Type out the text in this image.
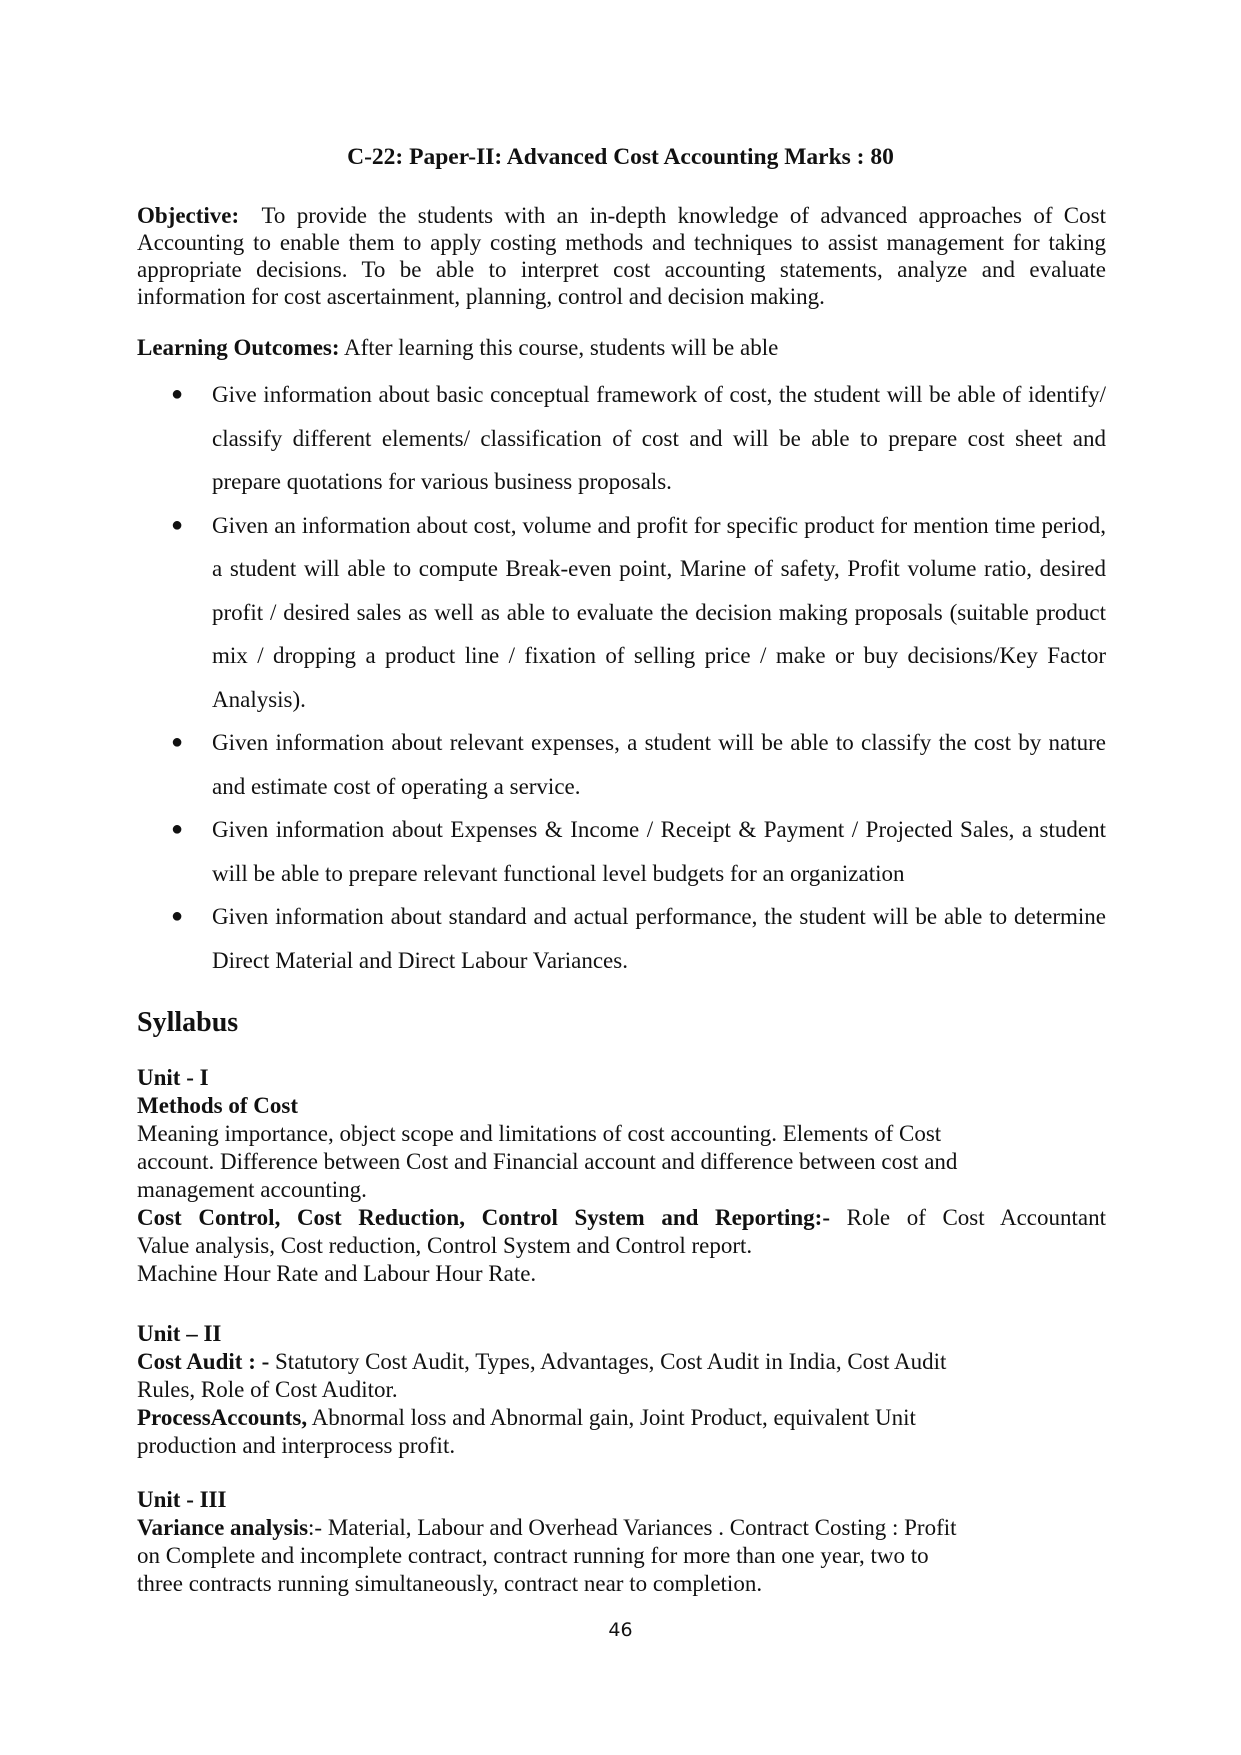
C-22: Paper-II: Advanced Cost Accounting Marks : 80
Objective: To provide the students with an in-depth knowledge of advanced approaches of Cost Accounting to enable them to apply costing methods and techniques to assist management for taking appropriate decisions. To be able to interpret cost accounting statements, analyze and evaluate information for cost ascertainment, planning, control and decision making.
Learning Outcomes: After learning this course, students will be able
● Give information about basic conceptual framework of cost, the student will be able of identify/ classify different elements/ classification of cost and will be able to prepare cost sheet and prepare quotations for various business proposals.
● Given an information about cost, volume and profit for specific product for mention time period, a student will able to compute Break-even point, Marine of safety, Profit volume ratio, desired profit / desired sales as well as able to evaluate the decision making proposals (suitable product mix / dropping a product line / fixation of selling price / make or buy decisions/Key Factor Analysis).
● Given information about relevant expenses, a student will be able to classify the cost by nature and estimate cost of operating a service.
● Given information about Expenses & Income / Receipt & Payment / Projected Sales, a student will be able to prepare relevant functional level budgets for an organization
● Given information about standard and actual performance, the student will be able to determine Direct Material and Direct Labour Variances.
Syllabus
Unit - I
Methods of Cost
Meaning importance, object scope and limitations of cost accounting. Elements of Cost
account. Difference between Cost and Financial account and difference between cost and
management accounting.
Cost Control, Cost Reduction, Control System and Reporting:- Role of Cost Accountant
Value analysis, Cost reduction, Control System and Control report.
Machine Hour Rate and Labour Hour Rate.
Unit – II
Cost Audit : - Statutory Cost Audit, Types, Advantages, Cost Audit in India, Cost Audit
Rules, Role of Cost Auditor.
ProcessAccounts, Abnormal loss and Abnormal gain, Joint Product, equivalent Unit
production and interprocess profit.
Unit - III
Variance analysis:- Material, Labour and Overhead Variances . Contract Costing : Profit
on Complete and incomplete contract, contract running for more than one year, two to
three contracts running simultaneously, contract near to completion.
46
